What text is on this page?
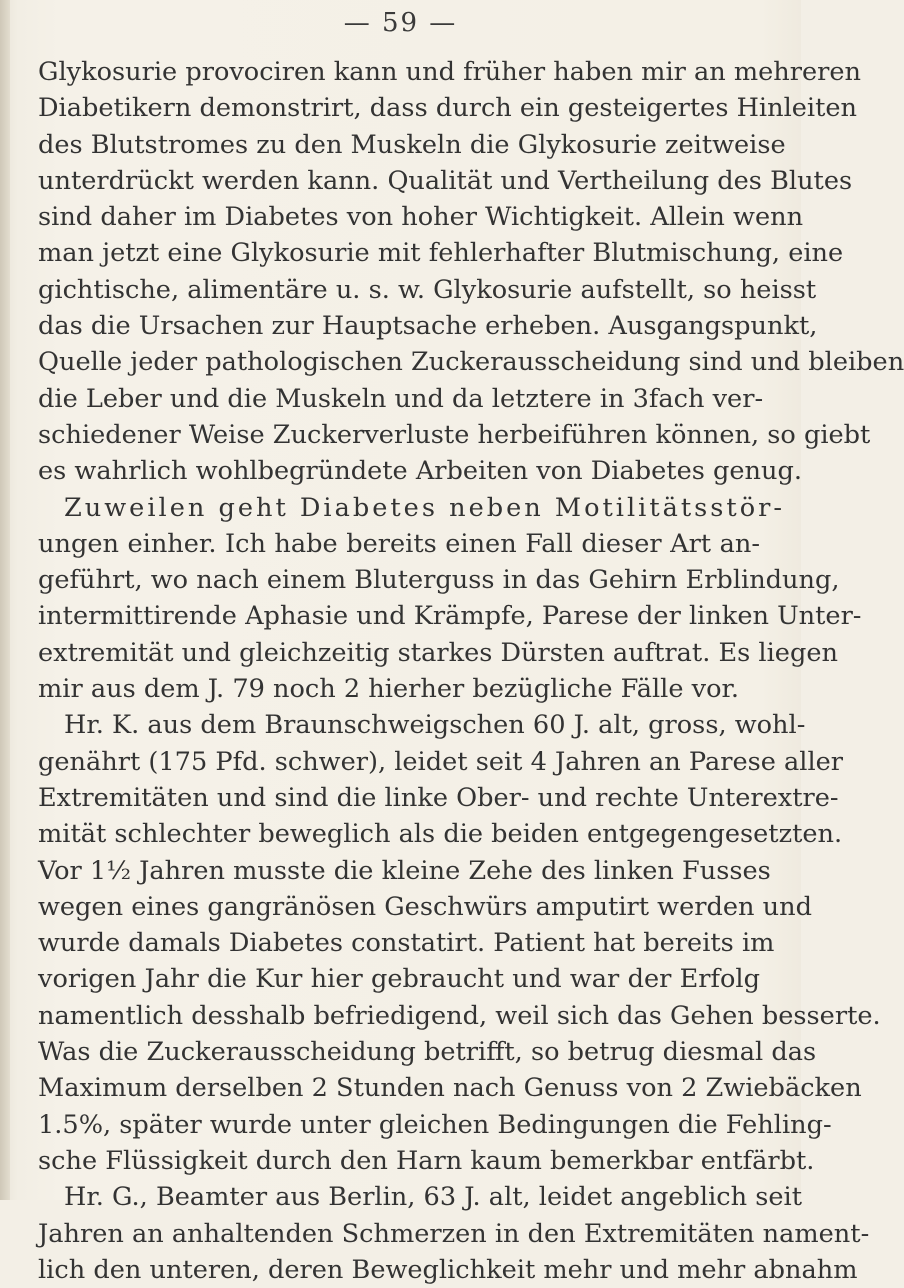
— 59 —
Glykosurie provociren kann und früher haben mir an mehreren
Diabetikern demonstrirt, dass durch ein gesteigertes Hinleiten
des Blutstromes zu den Muskeln die Glykosurie zeitweise
unterdrückt werden kann. Qualität und Vertheilung des Blutes
sind daher im Diabetes von hoher Wichtigkeit. Allein wenn
man jetzt eine Glykosurie mit fehlerhafter Blutmischung, eine
gichtische, alimentäre u. s. w. Glykosurie aufstellt, so heisst
das die Ursachen zur Hauptsache erheben. Ausgangspunkt,
Quelle jeder pathologischen Zuckerausscheidung sind und bleiben
die Leber und die Muskeln und da letztere in 3fach ver-
schiedener Weise Zuckerverluste herbeiführen können, so giebt
es wahrlich wohlbegründete Arbeiten von Diabetes genug.
Zuweilen geht Diabetes neben Motilitätsstör-
ungen einher. Ich habe bereits einen Fall dieser Art an-
geführt, wo nach einem Bluterguss in das Gehirn Erblindung,
intermittirende Aphasie und Krämpfe, Parese der linken Unter-
extremität und gleichzeitig starkes Dürsten auftrat. Es liegen
mir aus dem J. 79 noch 2 hierher bezügliche Fälle vor.
Hr. K. aus dem Braunschweigschen 60 J. alt, gross, wohl-
genährt (175 Pfd. schwer), leidet seit 4 Jahren an Parese aller
Extremitäten und sind die linke Ober- und rechte Unterextre-
mität schlechter beweglich als die beiden entgegengesetzten.
Vor 1½ Jahren musste die kleine Zehe des linken Fusses
wegen eines gangränösen Geschwürs amputirt werden und
wurde damals Diabetes constatirt. Patient hat bereits im
vorigen Jahr die Kur hier gebraucht und war der Erfolg
namentlich desshalb befriedigend, weil sich das Gehen besserte.
Was die Zuckerausscheidung betrifft, so betrug diesmal das
Maximum derselben 2 Stunden nach Genuss von 2 Zwiebäcken
1.5%, später wurde unter gleichen Bedingungen die Fehling-
sche Flüssigkeit durch den Harn kaum bemerkbar entfärbt.
Hr. G., Beamter aus Berlin, 63 J. alt, leidet angeblich seit
Jahren an anhaltenden Schmerzen in den Extremitäten nament-
lich den unteren, deren Beweglichkeit mehr und mehr abnahm
